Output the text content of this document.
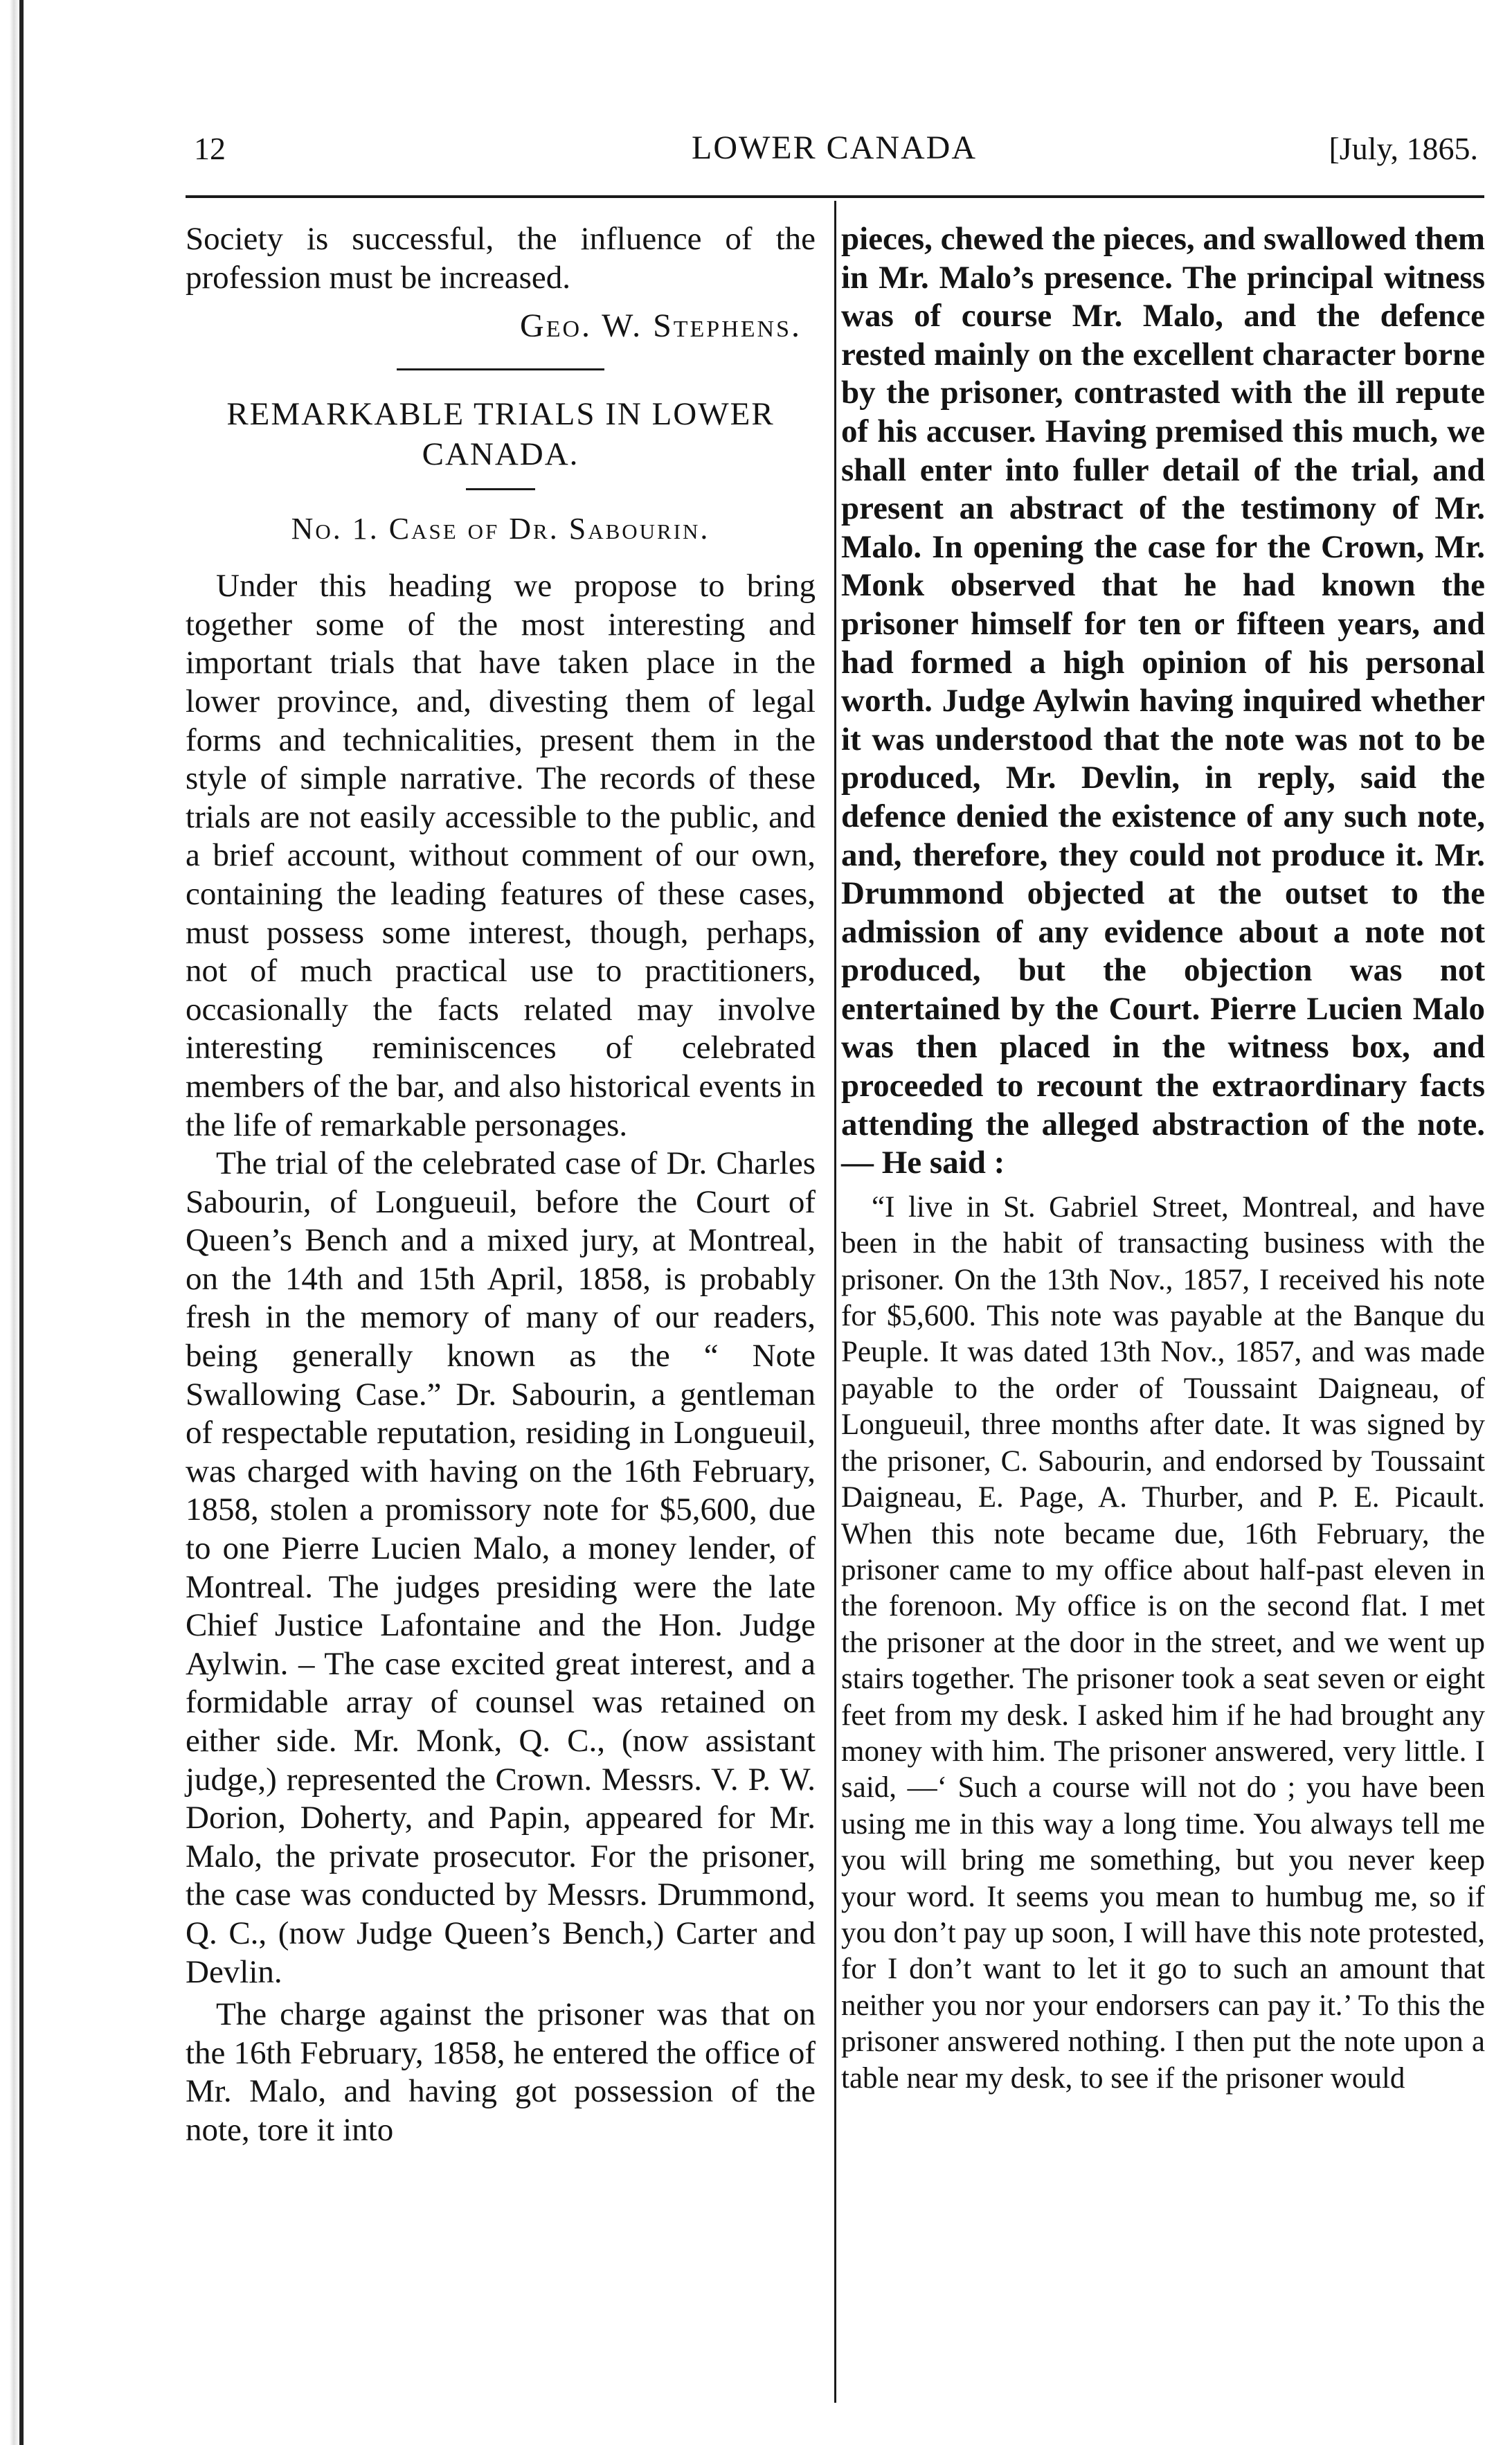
12	LOWER CANADA	[July, 1865.

Society is successful, the influence of the profession must be increased.

Geo. W. Stephens.
REMARKABLE TRIALS IN LOWER CANADA.
No. 1. Case of Dr. Sabourin.

Under this heading we propose to bring together some of the most interesting and important trials that have taken place in the lower province, and, divesting them of legal forms and technicalities, present them in the style of simple narrative. The records of these trials are not easily accessible to the public, and a brief account, without comment of our own, containing the leading features of these cases, must possess some interest, though, perhaps, not of much practical use to practitioners, occasionally the facts related may involve interesting reminiscences of celebrated members of the bar, and also historical events in the life of remarkable personages.

The trial of the celebrated case of Dr. Charles Sabourin, of Longueuil, before the Court of Queen’s Bench and a mixed jury, at Montreal, on the 14th and 15th April, 1858, is probably fresh in the memory of many of our readers, being generally known as the “ Note Swallowing Case.” Dr. Sabourin, a gentleman of respectable reputation, residing in Longueuil, was charged with having on the 16th February, 1858, stolen a promissory note for $5,600, due to one Pierre Lucien Malo, a money lender, of Montreal. The judges presiding were the late Chief Justice Lafontaine and the Hon. Judge Aylwin. – The case excited great interest, and a formidable array of counsel was retained on either side. Mr. Monk, Q. C., (now assistant judge,) represented the Crown. Messrs. V. P. W. Dorion, Doherty, and Papin, appeared for Mr. Malo, the private prosecutor. For the prisoner, the case was conducted by Messrs. Drummond, Q. C., (now Judge Queen’s Bench,) Carter and Devlin.

The charge against the prisoner was that on the 16th February, 1858, he entered the office of Mr. Malo, and having got possession of the note, tore it into

pieces, chewed the pieces, and swallowed them in Mr. Malo’s presence. The principal witness was of course Mr. Malo, and the defence rested mainly on the excellent character borne by the prisoner, contrasted with the ill repute of his accuser. Having premised this much, we shall enter into fuller detail of the trial, and present an abstract of the testimony of Mr. Malo. In opening the case for the Crown, Mr. Monk observed that he had known the prisoner himself for ten or fifteen years, and had formed a high opinion of his personal worth. Judge Aylwin having inquired whether it was understood that the note was not to be produced, Mr. Devlin, in reply, said the defence denied the existence of any such note, and, therefore, they could not produce it. Mr. Drummond objected at the outset to the admission of any evidence about a note not produced, but the objection was not entertained by the Court. Pierre Lucien Malo was then placed in the witness box, and proceeded to recount the extraordinary facts attending the alleged abstraction of the note.— He said :

“I live in St. Gabriel Street, Montreal, and have been in the habit of transacting business with the prisoner. On the 13th Nov., 1857, I received his note for $5,600. This note was payable at the Banque du Peuple. It was dated 13th Nov., 1857, and was made payable to the order of Toussaint Daigneau, of Longueuil, three months after date. It was signed by the prisoner, C. Sabourin, and endorsed by Toussaint Daigneau, E. Page, A. Thurber, and P. E. Picault. When this note became due, 16th February, the prisoner came to my office about half-past eleven in the forenoon. My office is on the second flat. I met the prisoner at the door in the street, and we went up stairs together. The prisoner took a seat seven or eight feet from my desk. I asked him if he had brought any money with him. The prisoner answered, very little. I said, —‘ Such a course will not do ; you have been using me in this way a long time. You always tell me you will bring me something, but you never keep your word. It seems you mean to humbug me, so if you don’t pay up soon, I will have this note protested, for I don’t want to let it go to such an amount that neither you nor your endorsers can pay it.’ To this the prisoner answered nothing. I then put the note upon a table near my desk, to see if the prisoner would
